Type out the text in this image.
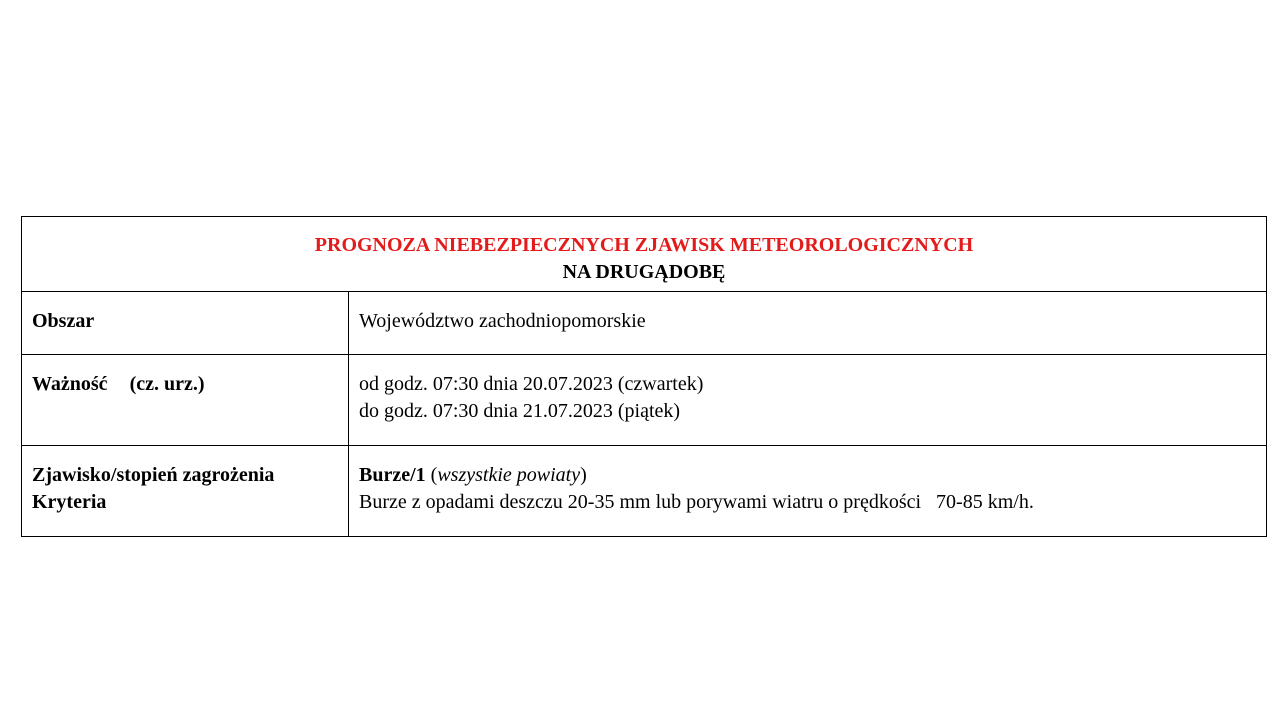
PROGNOZA NIEBEZPIECZNYCH ZJAWISK METEOROLOGICZNYCH
NA DRUGĄDOBĘ	

Obszar	Województwo zachodniopomorskie
Ważność (cz. urz.)	od godz. 07:30 dnia 20.07.2023 (czwartek)
do godz. 07:30 dnia 21.07.2023 (piątek)

Zjawisko/stopień zagrożenia
Kryteria	Burze/1 (wszystkie powiaty)
Burze z opadami deszczu 20-35 mm lub porywami wiatru o prędkości   70-85 km/h.
